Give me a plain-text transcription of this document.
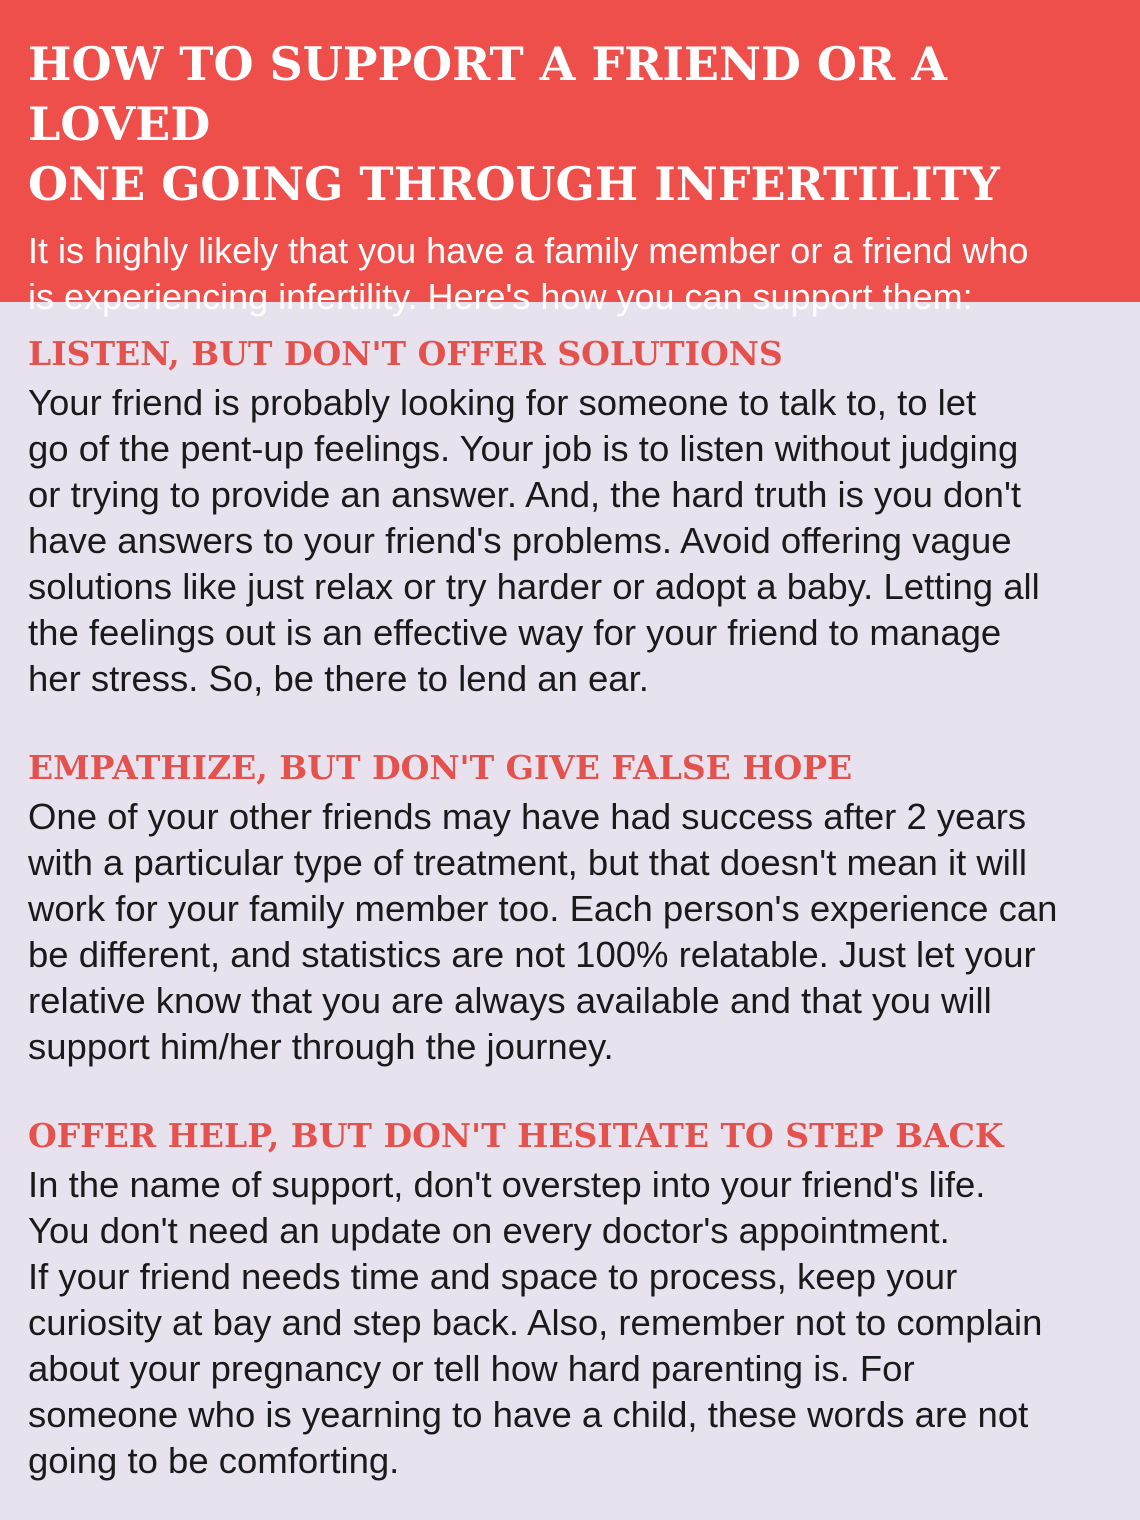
HOW TO SUPPORT A FRIEND OR A LOVED
ONE GOING THROUGH INFERTILITY

It is highly likely that you have a family member or a friend who
is experiencing infertility. Here's how you can support them:

LISTEN, BUT DON'T OFFER SOLUTIONS

Your friend is probably looking for someone to talk to, to let
go of the pent-up feelings. Your job is to listen without judging
or trying to provide an answer. And, the hard truth is you don't
have answers to your friend's problems. Avoid offering vague
solutions like just relax or try harder or adopt a baby. Letting all
the feelings out is an effective way for your friend to manage
her stress. So, be there to lend an ear.

EMPATHIZE, BUT DON'T GIVE FALSE HOPE

One of your other friends may have had success after 2 years
with a particular type of treatment, but that doesn't mean it will
work for your family member too. Each person's experience can
be different, and statistics are not 100% relatable. Just let your
relative know that you are always available and that you will
support him/her through the journey.

OFFER HELP, BUT DON'T HESITATE TO STEP BACK

In the name of support, don't overstep into your friend's life.
You don't need an update on every doctor's appointment.
If your friend needs time and space to process, keep your
curiosity at bay and step back. Also, remember not to complain
about your pregnancy or tell how hard parenting is. For
someone who is yearning to have a child, these words are not
going to be comforting.
